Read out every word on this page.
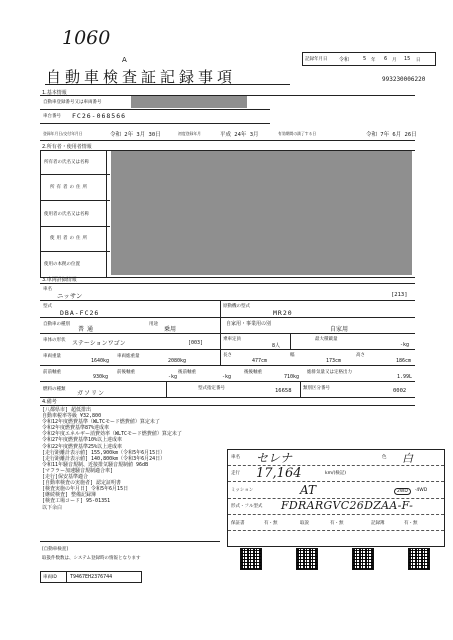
1060
A	記録年月日 令和	5 年 6 月 15 日
自動車検査証記録事項	993230006220
1.基本情報
自動車登録番号又は車両番号
車台番号 FC26-068566
登録年月日/交付年月日	令和 2年 3月 30日	初度登録年月	平成 24年 3月	有効期間の満了する日	令和 7年 6月 26日
2.所有者・使用者情報
所有者の氏名又は名称
所有者の住所
使用者の氏名又は名称
使用者の住所
使用の本拠の位置
3.車両詳細情報
車名
ニッサン	[213]
型式
DBA-FC26
原動機の型式
MR20
自動車の種別
普通
用途
乗用
自家用・事業用の別
自家用
車体の形状 ステーションワゴン	[003]
乗車定員
8人
最大積載量
-kg
車両重量
1640kg
車両総重量
2080kg
長さ
477cm
幅
173cm
高さ
186cm
前前軸重
930kg
前後軸重
-kg
後前軸重
-kg
後後軸重
710kg
総排気量又は定格出力
1.99L
燃料の種類
ガソリン
型式指定番号	16658	類別区分番号	0002
4.備考
[八都県市] 超低排出
自動車税率等級 ¥32,800
令和12年度燃費基準（WLTCモード燃費値）算定未了
令和2年度燃費基準87%達成車
令和2年度エネルギー消費効率（WLTCモード燃費値）算定未了
令和27年度燃費基準10%以上達成車
令和22年度燃費基準25%以上達成車
[走行距離計表示値] 155,900km（令和5年6月15日）
[走行距離計表示値] 140,800km（令和3年6月24日）
令和11年騒音規制、近接排気騒音規制値 96dB
[マフラー加速騒音規制適合車]
[走行]保安基準適合
[自動車検査の実施者] 認定証明書
[検査実施の年月日] 令和5年6月15日
[継続検査] 整備記録簿
[検査工場コード] 95-01351
以下余白
車名 セレナ	色 白
走行 17,164	km/(検記)
ミッション	AT	2WD	·4WD
形式・フル型式 FDRARGVC26DZAA-F-
保証書	有・無	取説	有・無	記録簿	有・無
[自動車検査]
取扱件数数は、システム登録時の情報となります
車両ID	T9467EH2376744
